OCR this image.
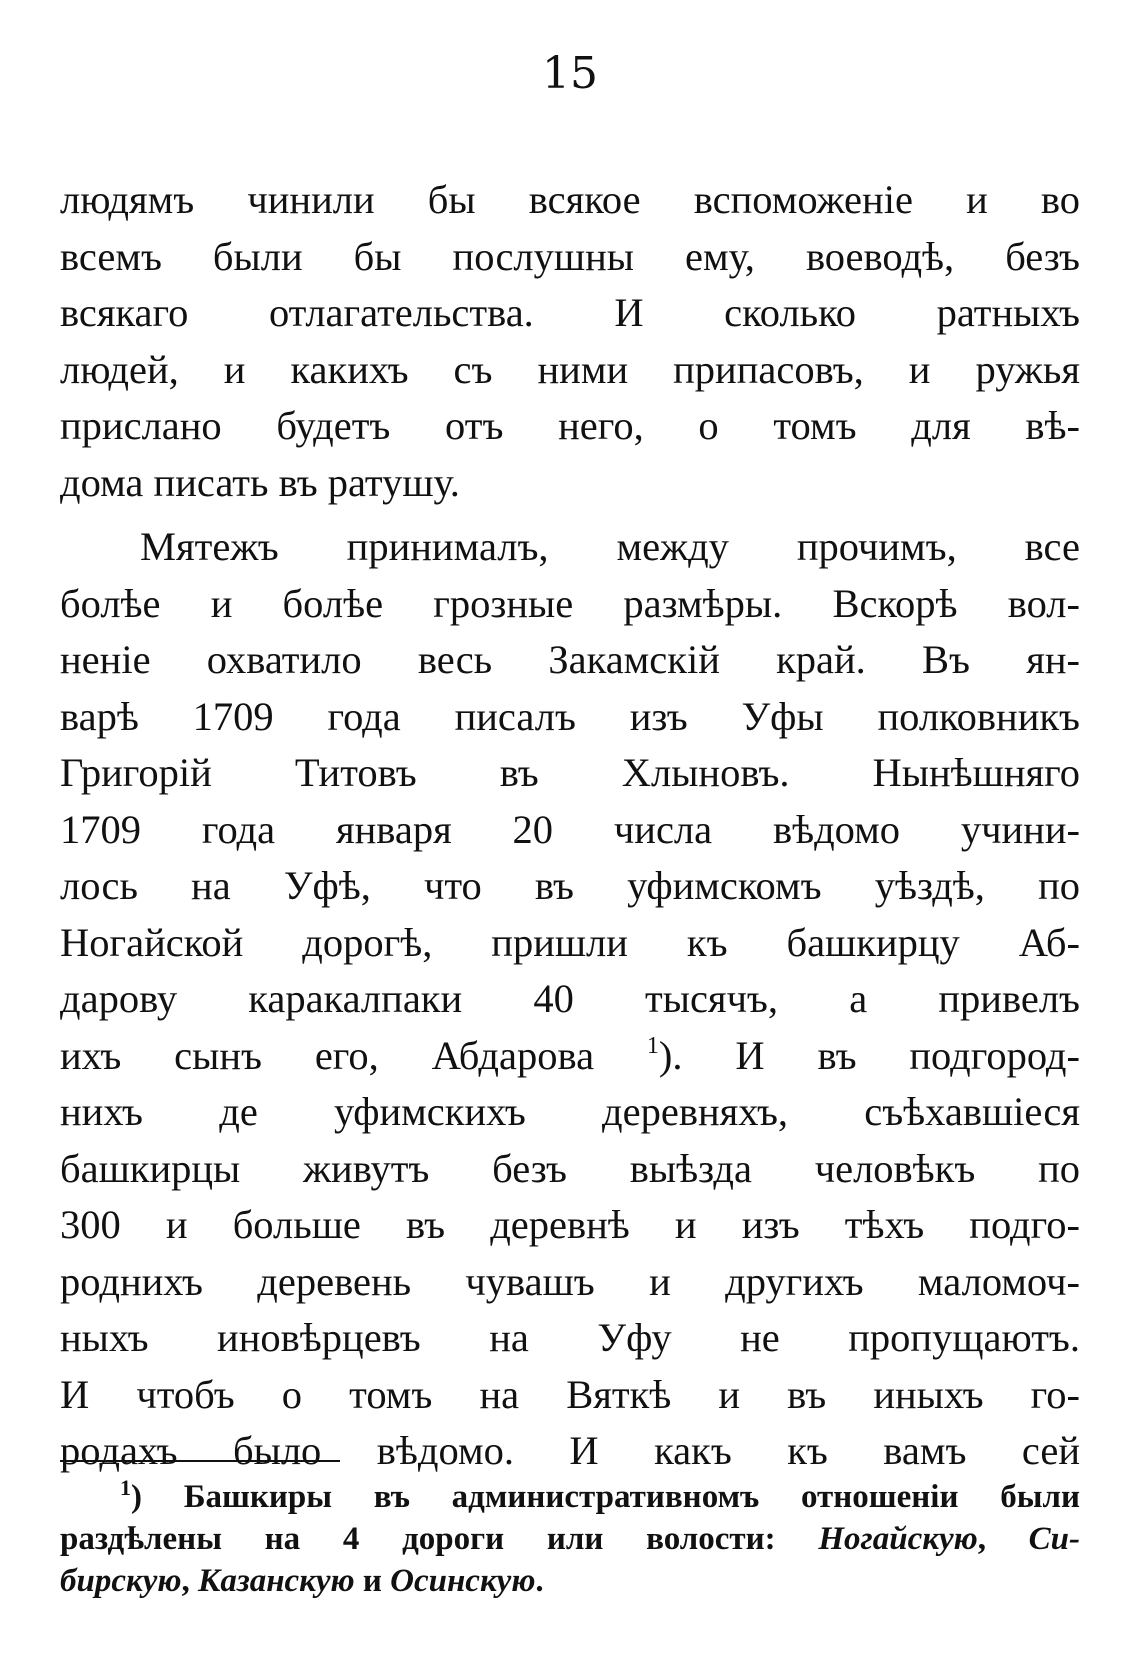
15
людямъ чинили бы всякое вспоможеніе и во
всемъ были бы послушны ему, воеводѣ, безъ
всякаго отлагательства. И сколько ратныхъ
людей, и какихъ съ ними припасовъ, и ружья
прислано будетъ отъ него, о томъ для вѣ-
дома писать въ ратушу.
Мятежъ принималъ, между прочимъ, все
болѣе и болѣе грозные размѣры. Вскорѣ вол-
неніе охватило весь Закамскій край. Въ ян-
варѣ 1709 года писалъ изъ Уфы полковникъ
Григорій Титовъ въ Хлыновъ. Нынѣшняго
1709 года января 20 числа вѣдомо учини-
лось на Уфѣ, что въ уфимскомъ уѣздѣ, по
Ногайской дорогѣ, пришли къ башкирцу Аб-
дарову каракалпаки 40 тысячъ, а привелъ
ихъ сынъ его, Абдарова $^1$). И въ подгород-
нихъ де уфимскихъ деревняхъ, съѣхавшіеся
башкирцы живутъ безъ выѣзда человѣкъ по
300 и больше въ деревнѣ и изъ тѣхъ подго-
роднихъ деревень чувашъ и другихъ маломоч-
ныхъ иновѣрцевъ на Уфу не пропущаютъ.
И чтобъ о томъ на Вяткѣ и въ иныхъ го-
родахъ было вѣдомо. И какъ къ вамъ сей
$^1$) Башкиры въ административномъ отношеніи были
раздѣлены на 4 дороги или волости: Ногайскую, Си-
бирскую, Казанскую и Осинскую.
